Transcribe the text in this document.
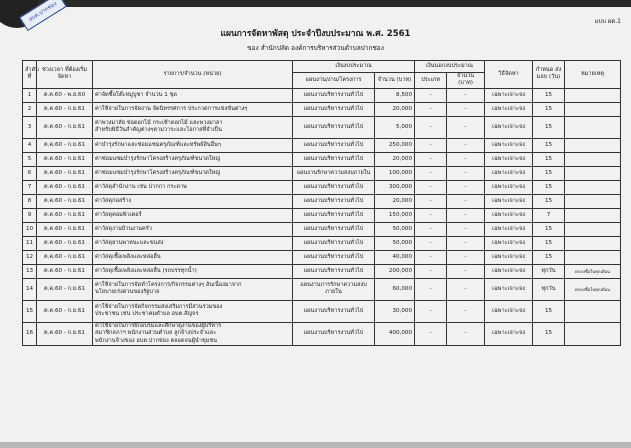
อบต.ปากช่อง	แบบ ผด.1
แผนการจัดหาพัสดุ ประจำปีงบประมาณ พ.ศ. 2561
ของ สำนักปลัด องค์การบริหารส่วนตำบลปากช่อง
ลำดับ ที่	ช่วงเวลา ที่ต้องเริ่มจัดหา	รายการ/จำนวน (หน่วย)	เงินงบประมาณ		เงินนอกงบประมาณ		วิธีจัดหา	กำหนด ส่งมอบ (วัน)	หมายเหตุ
			แผนงาน/งาน/โครงการ	จำนวน (บาท)	ประเภท	จำนวน (บาท)			
1	ต.ค.60 - พ.ย.60	ค่าจัดซื้อโต๊ะหมู่บูชา จำนวน 1 ชุด	แผนงานบริหารงานทั่วไป	8,500	-	-	เฉพาะเจาะจง	15	
2	ต.ค.60 - ก.ย.61	ค่าใช้จ่ายในการจัดงาน จัดนิทรรศการ ประกวดการแข่งขันต่างๆ	แผนงานบริหารงานทั่วไป	20,000	-	-	เฉพาะเจาะจง	15	
3	ต.ค.60 - ก.ย.61	ค่าพวงมาลัย ช่อดอกไม้ กระเช้าดอกไม้ และพวงมาลา
สำหรับพิธีวันสำคัญต่างๆตามวาระและโอกาสที่จำเป็น	แผนงานบริหารงานทั่วไป	5,000	-	-	เฉพาะเจาะจง	15	
4	ต.ค.60 - ก.ย.61	ค่าบำรุงรักษาและซ่อมแซมครุภัณฑ์และทรัพย์สินอื่นๆ	แผนงานบริหารงานทั่วไป	250,000	-	-	เฉพาะเจาะจง	15	
5	ต.ค.60 - ก.ย.61	ค่าซ่อมแซมบำรุงรักษาโครงสร้างครุภัณฑ์ขนาดใหญ่	แผนงานบริหารงานทั่วไป	20,000	-	-	เฉพาะเจาะจง	15	
6	ต.ค.60 - ก.ย.61	ค่าซ่อมแซมบำรุงรักษาโครงสร้างครุภัณฑ์ขนาดใหญ่	แผนงานรักษาความสงบภายใน	100,000	-	-	เฉพาะเจาะจง	15	
7	ต.ค.60 - ก.ย.61	ค่าวัสดุสำนักงาน เช่น ปากกา กระดาษ	แผนงานบริหารงานทั่วไป	300,000	-	-	เฉพาะเจาะจง	15	
8	ต.ค.60 - ก.ย.61	ค่าวัสดุก่อสร้าง	แผนงานบริหารงานทั่วไป	20,000	-	-	เฉพาะเจาะจง	15	
9	ต.ค.60 - ก.ย.61	ค่าวัสดุคอมพิวเตอร์	แผนงานบริหารงานทั่วไป	150,000	-	-	เฉพาะเจาะจง	7	
10	ต.ค.60 - ก.ย.61	ค่าวัสดุงานบ้านงานครัว	แผนงานบริหารงานทั่วไป	50,000	-	-	เฉพาะเจาะจง	15	
11	ต.ค.60 - ก.ย.61	ค่าวัสดุยานพาหนะและขนส่ง	แผนงานบริหารงานทั่วไป	50,000	-	-	เฉพาะเจาะจง	15	
12	ต.ค.60 - ก.ย.61	ค่าวัสดุเชื้อเพลิงและหล่อลื่น	แผนงานบริหารงานทั่วไป	40,000	-	-	เฉพาะเจาะจง	15	
13	ต.ค.60 - ก.ย.61	ค่าวัสดุเชื้อเพลิงและหล่อลื่น (รถบรรทุกน้ำ)	แผนงานบริหารงานทั่วไป	200,000	-	-	เฉพาะเจาะจง	ทุกวัน	ตกลงซื้อในทุกเดือน
14	ต.ค.60 - ก.ย.61	ค่าใช้จ่ายในการจัดทำโครงการ/กิจกรรมต่างๆ อันเนื่องมาจาก
นโยบายเร่งด่วนของรัฐบาล	แผนงานการรักษาความสงบภายใน	60,000	-	-	เฉพาะเจาะจง	ทุกวัน	ตกลงซื้อในทุกเดือน
15	ต.ค.60 - ก.ย.61	ค่าใช้จ่ายในการจัดกิจกรรมส่งเสริมการมีส่วนร่วมของ
ประชาชน เช่น ประชาคมตำบล อบต.สัญจร	แผนงานบริหารงานทั่วไป	30,000	-	-	เฉพาะเจาะจง	15	
16	ต.ค.60 - ก.ย.61	ค่าใช้จ่ายในการฝึกอบรมและศึกษาดูงานของผู้บริหาร
สมาชิกสภาฯ พนักงานส่วนตำบล ลูกจ้างประจำและ
พนักงานจ้างของ อบต.ปากช่อง ตลอดจนผู้นำชุมชน	แผนงานบริหารงานทั่วไป	400,000	-	-	เฉพาะเจาะจง	15	
